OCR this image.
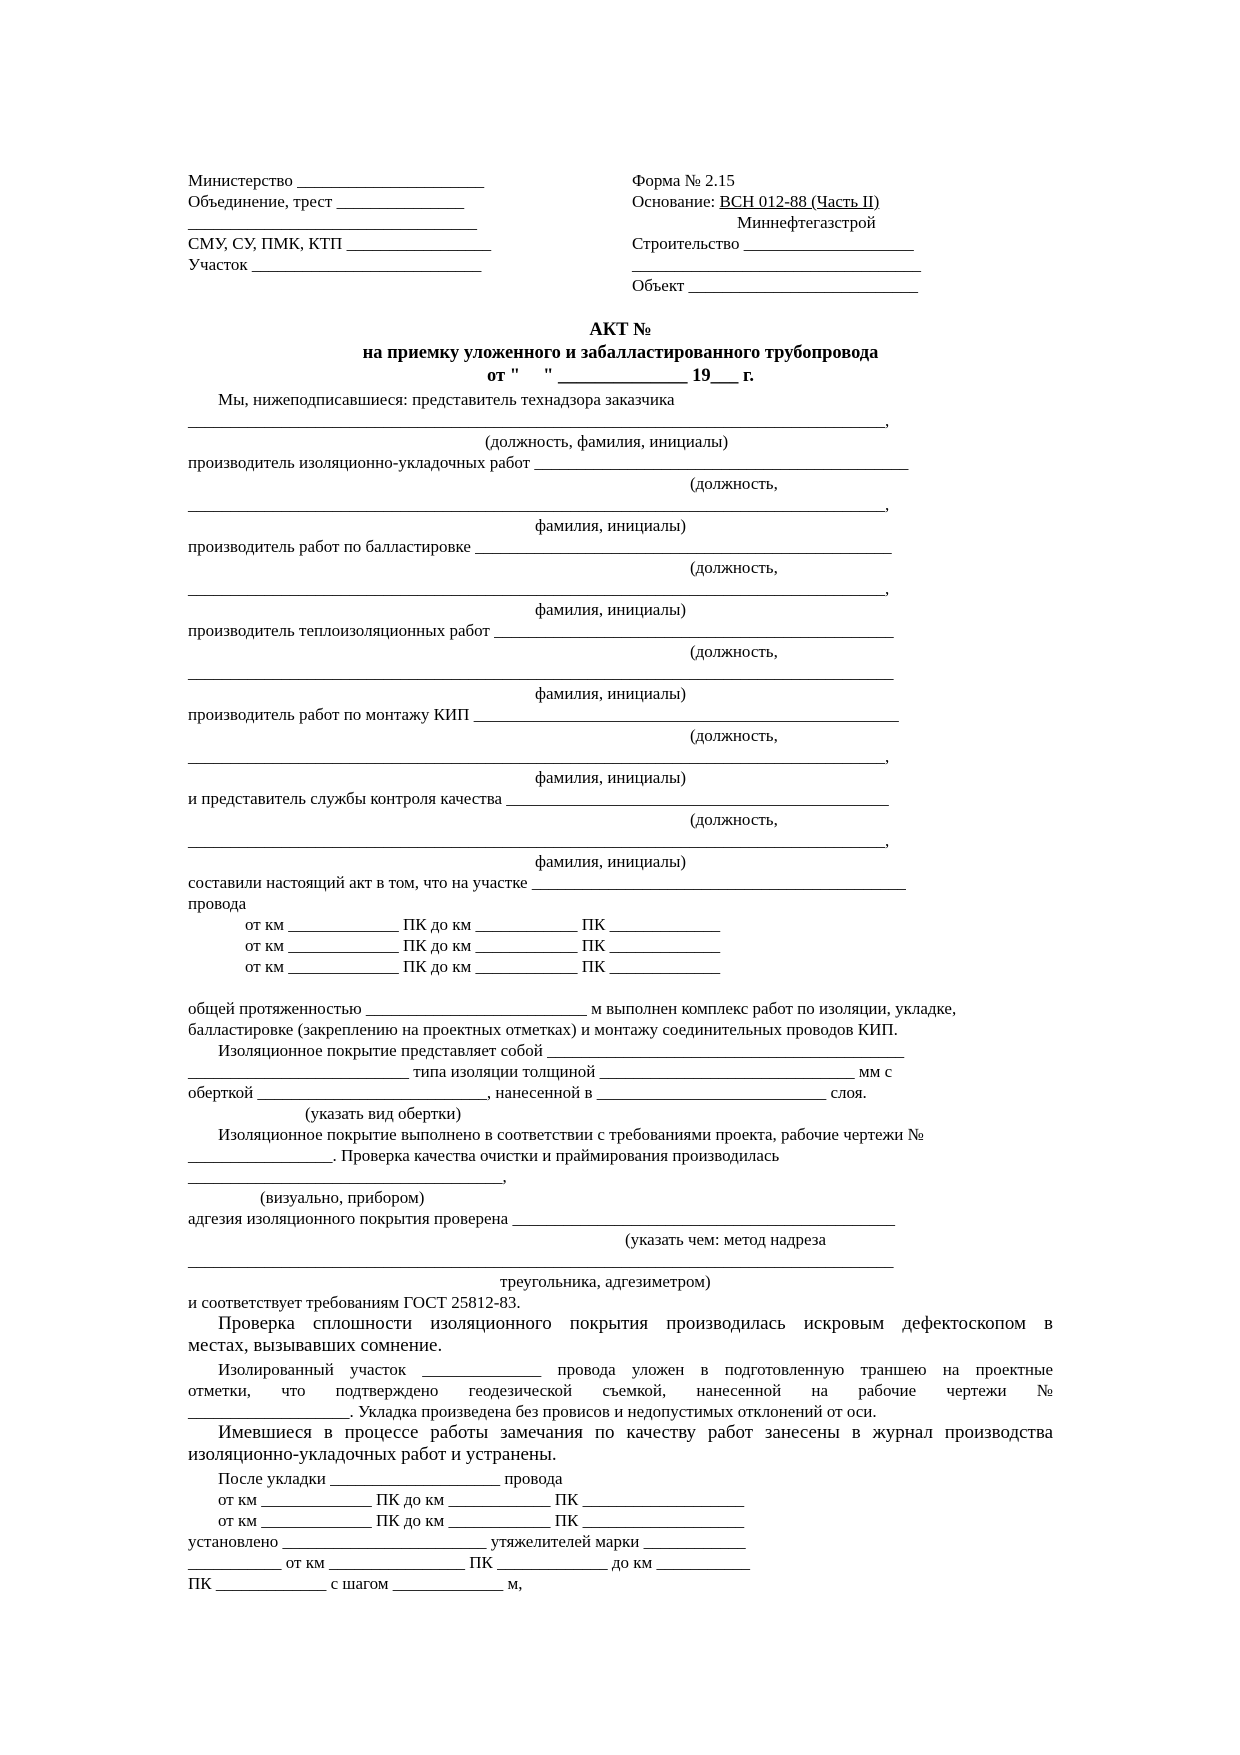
Министерство ______________________
Объединение, трест _______________
__________________________________
СМУ, СУ, ПМК, КТП _________________
Участок ___________________________
Форма № 2.15
Основание: ВСН 012-88 (Часть II)
Миннефтегазстрой
Строительство ____________________
__________________________________
Объект ___________________________
АКТ №
на приемку уложенного и забалластированного трубопровода
от "     " ______________ 19___ г.
Мы, нижеподписавшиеся: представитель технадзора заказчика
__________________________________________________________________________________,
(должность, фамилия, инициалы)
производитель изоляционно-укладочных работ ____________________________________________
(должность,
__________________________________________________________________________________,
фамилия, инициалы)
производитель работ по балластировке _________________________________________________
(должность,
__________________________________________________________________________________,
фамилия, инициалы)
производитель теплоизоляционных работ _______________________________________________
(должность,
___________________________________________________________________________________
фамилия, инициалы)
производитель работ по монтажу КИП __________________________________________________
(должность,
__________________________________________________________________________________,
фамилия, инициалы)
и представитель службы контроля качества _____________________________________________
(должность,
__________________________________________________________________________________,
фамилия, инициалы)
составили настоящий акт в том, что на участке ____________________________________________
провода
от км _____________ ПК до км ____________ ПК _____________
от км _____________ ПК до км ____________ ПК _____________
от км _____________ ПК до км ____________ ПК _____________
общей протяженностью __________________________ м выполнен комплекс работ по изоляции, укладке,
балластировке (закреплению на проектных отметках) и монтажу соединительных проводов КИП.
Изоляционное покрытие представляет собой __________________________________________
__________________________ типа изоляции толщиной ______________________________ мм с
оберткой ___________________________, нанесенной в ___________________________ слоя.
(указать вид обертки)
Изоляционное покрытие выполнено в соответствии с требованиями проекта, рабочие чертежи №
_________________. Проверка качества очистки и праймирования производилась
_____________________________________,
(визуально, прибором)
адгезия изоляционного покрытия проверена _____________________________________________
(указать чем: метод надреза
___________________________________________________________________________________
треугольника, адгезиметром)
и соответствует требованиям ГОСТ 25812-83.
Проверка сплошности изоляционного покрытия производилась искровым дефектоскопом в
местах, вызывавших сомнение.
Изолированный участок ______________ провода уложен в подготовленную траншею на проектные
отметки, что подтверждено геодезической съемкой, нанесенной на рабочие чертежи №
___________________. Укладка произведена без провисов и недопустимых отклонений от оси.
Имевшиеся в процессе работы замечания по качеству работ занесены в журнал производства
изоляционно-укладочных работ и устранены.
После укладки ____________________ провода
от км _____________ ПК до км ____________ ПК ___________________
от км _____________ ПК до км ____________ ПК ___________________
установлено ________________________ утяжелителей марки ____________
___________ от км ________________ ПК _____________ до км ___________
ПК _____________ с шагом _____________ м,
